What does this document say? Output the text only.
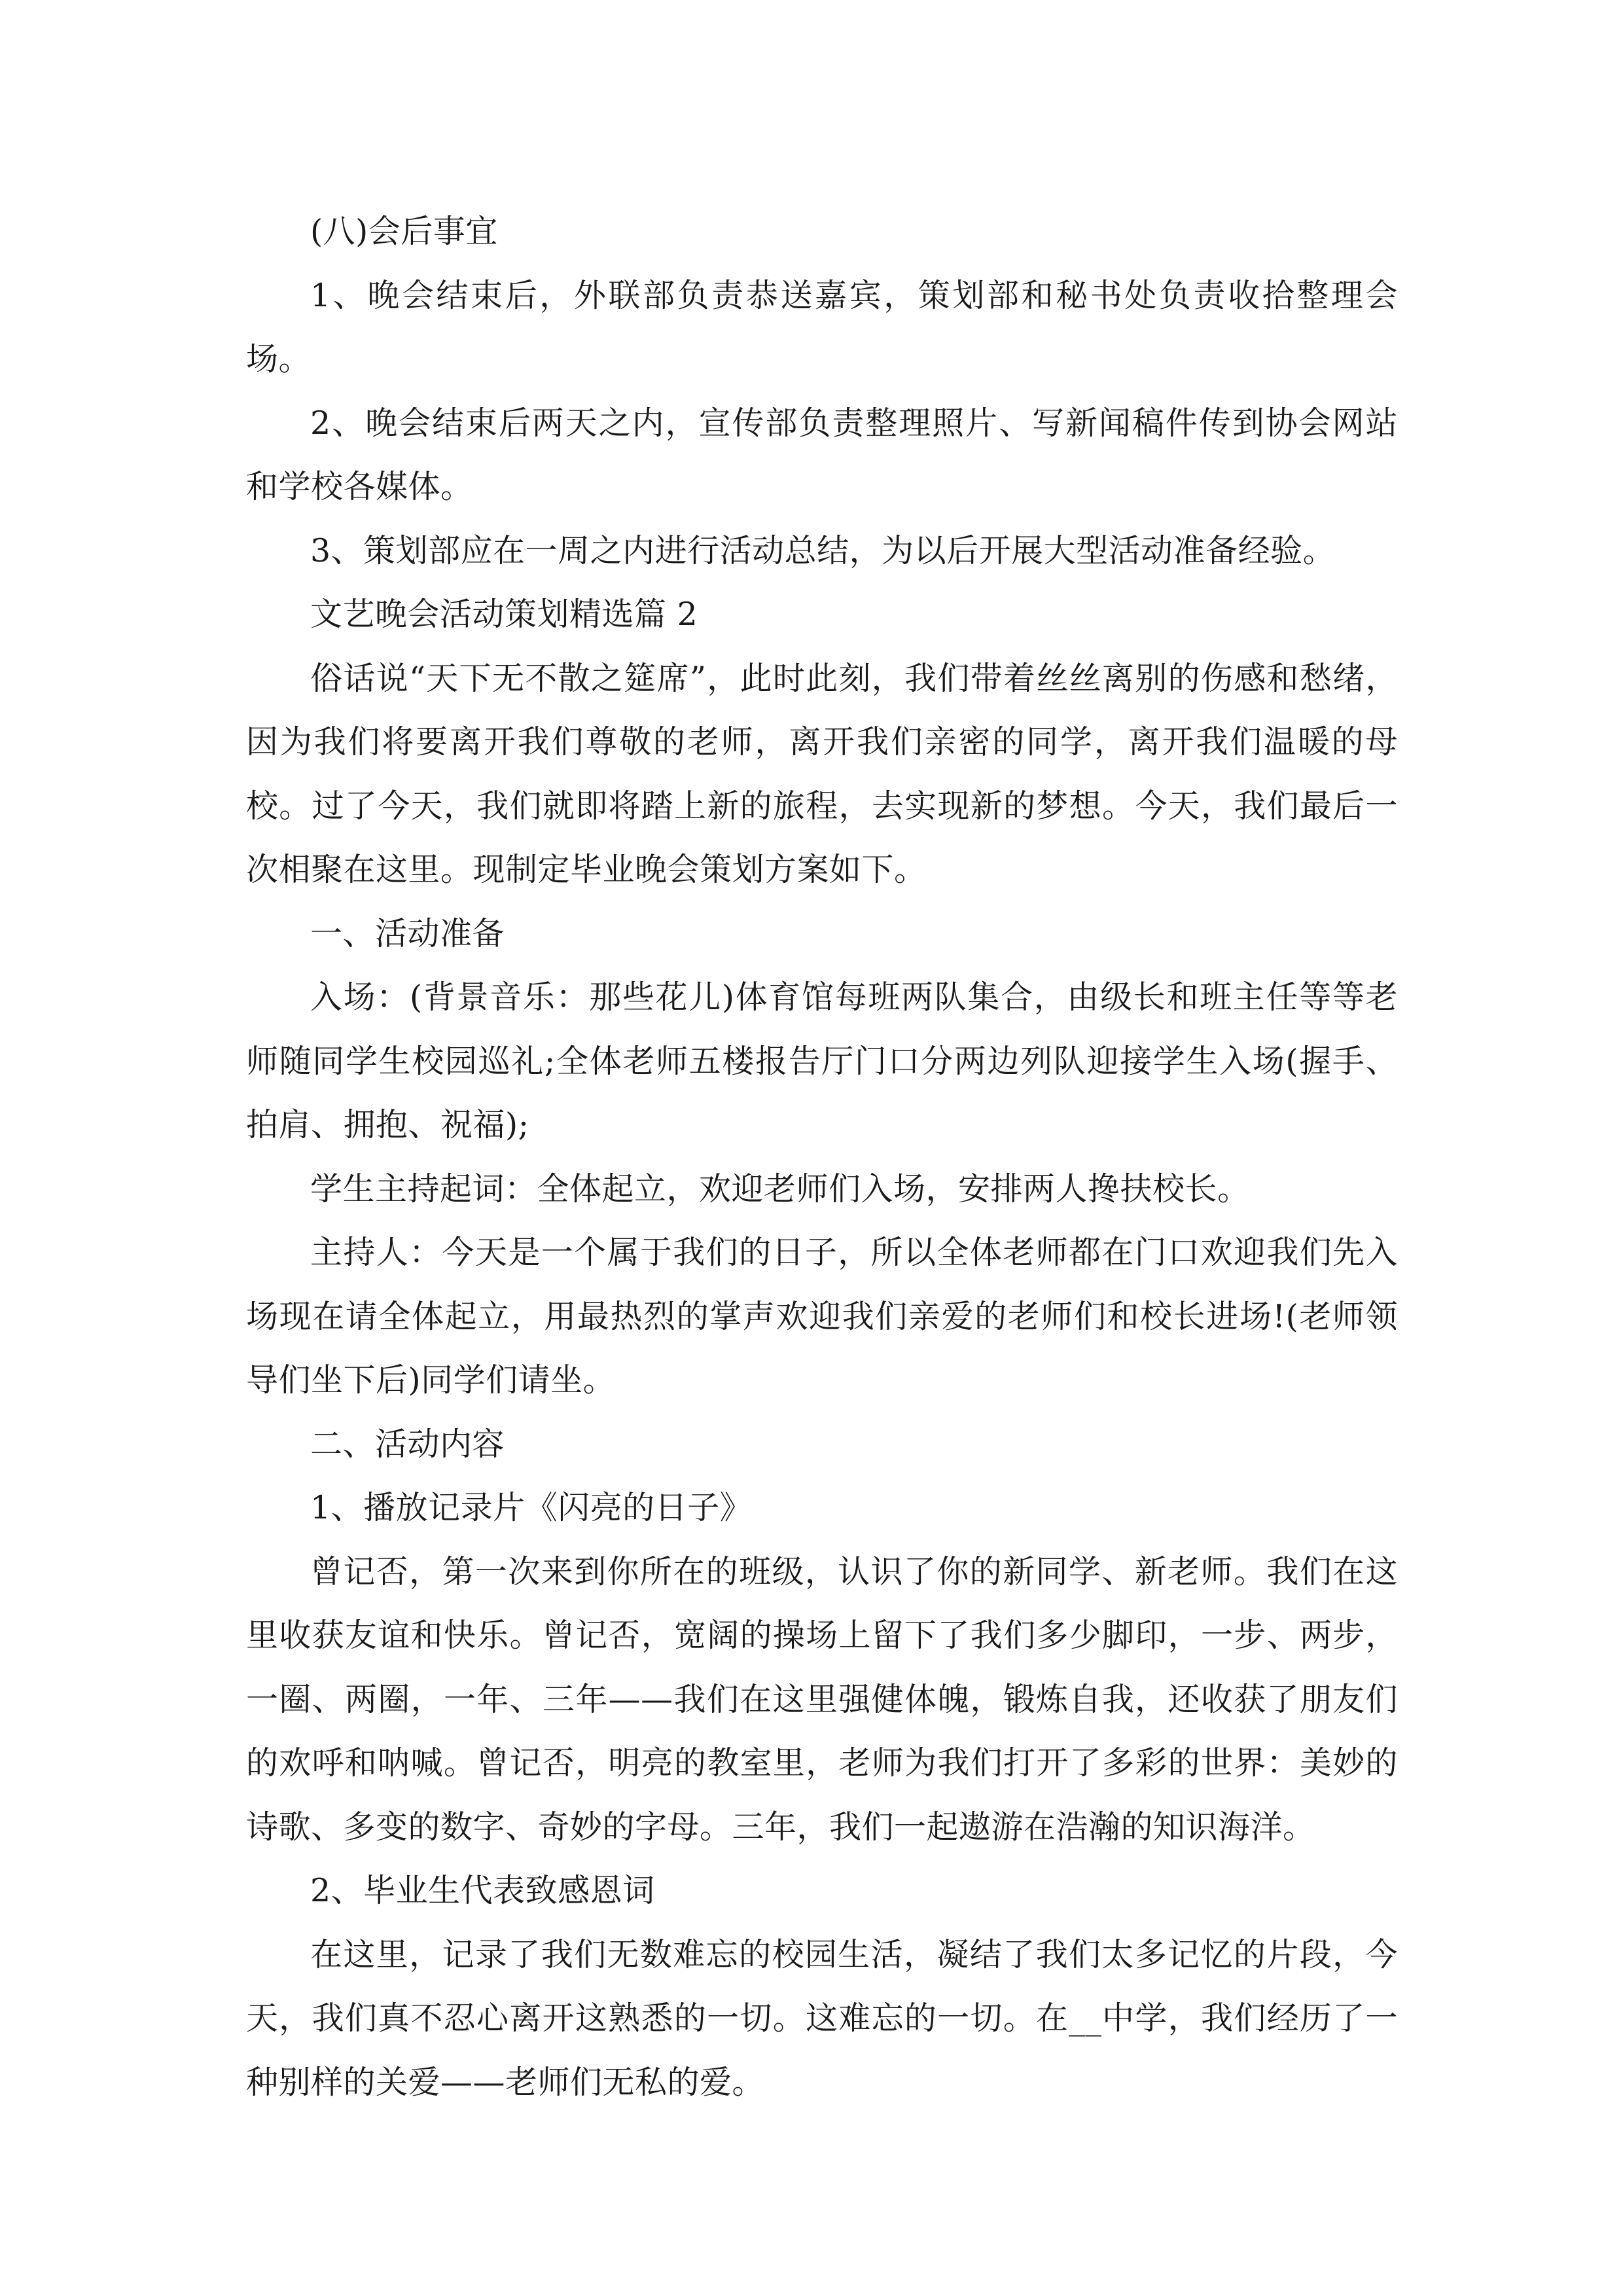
(八)会后事宜

1、晚会结束后，外联部负责恭送嘉宾，策划部和秘书处负责收拾整理会场。

2、晚会结束后两天之内，宣传部负责整理照片、写新闻稿件传到协会网站和学校各媒体。

3、策划部应在一周之内进行活动总结，为以后开展大型活动准备经验。

文艺晚会活动策划精选篇 2

俗话说“天下无不散之筵席”，此时此刻，我们带着丝丝离别的伤感和愁绪，因为我们将要离开我们尊敬的老师，离开我们亲密的同学，离开我们温暖的母校。过了今天，我们就即将踏上新的旅程，去实现新的梦想。今天，我们最后一次相聚在这里。现制定毕业晚会策划方案如下。

一、活动准备

入场：(背景音乐：那些花儿)体育馆每班两队集合，由级长和班主任等等老师随同学生校园巡礼;全体老师五楼报告厅门口分两边列队迎接学生入场(握手、拍肩、拥抱、祝福);

学生主持起词：全体起立，欢迎老师们入场，安排两人搀扶校长。

主持人：今天是一个属于我们的日子，所以全体老师都在门口欢迎我们先入场现在请全体起立，用最热烈的掌声欢迎我们亲爱的老师们和校长进场!(老师领导们坐下后)同学们请坐。

二、活动内容

1、播放记录片《闪亮的日子》

曾记否，第一次来到你所在的班级，认识了你的新同学、新老师。我们在这里收获友谊和快乐。曾记否，宽阔的操场上留下了我们多少脚印，一步、两步，一圈、两圈，一年、三年——我们在这里强健体魄，锻炼自我，还收获了朋友们的欢呼和呐喊。曾记否，明亮的教室里，老师为我们打开了多彩的世界：美妙的诗歌、多变的数字、奇妙的字母。三年，我们一起遨游在浩瀚的知识海洋。

2、毕业生代表致感恩词

在这里，记录了我们无数难忘的校园生活，凝结了我们太多记忆的片段，今天，我们真不忍心离开这熟悉的一切。这难忘的一切。在__中学，我们经历了一种别样的关爱——老师们无私的爱。
